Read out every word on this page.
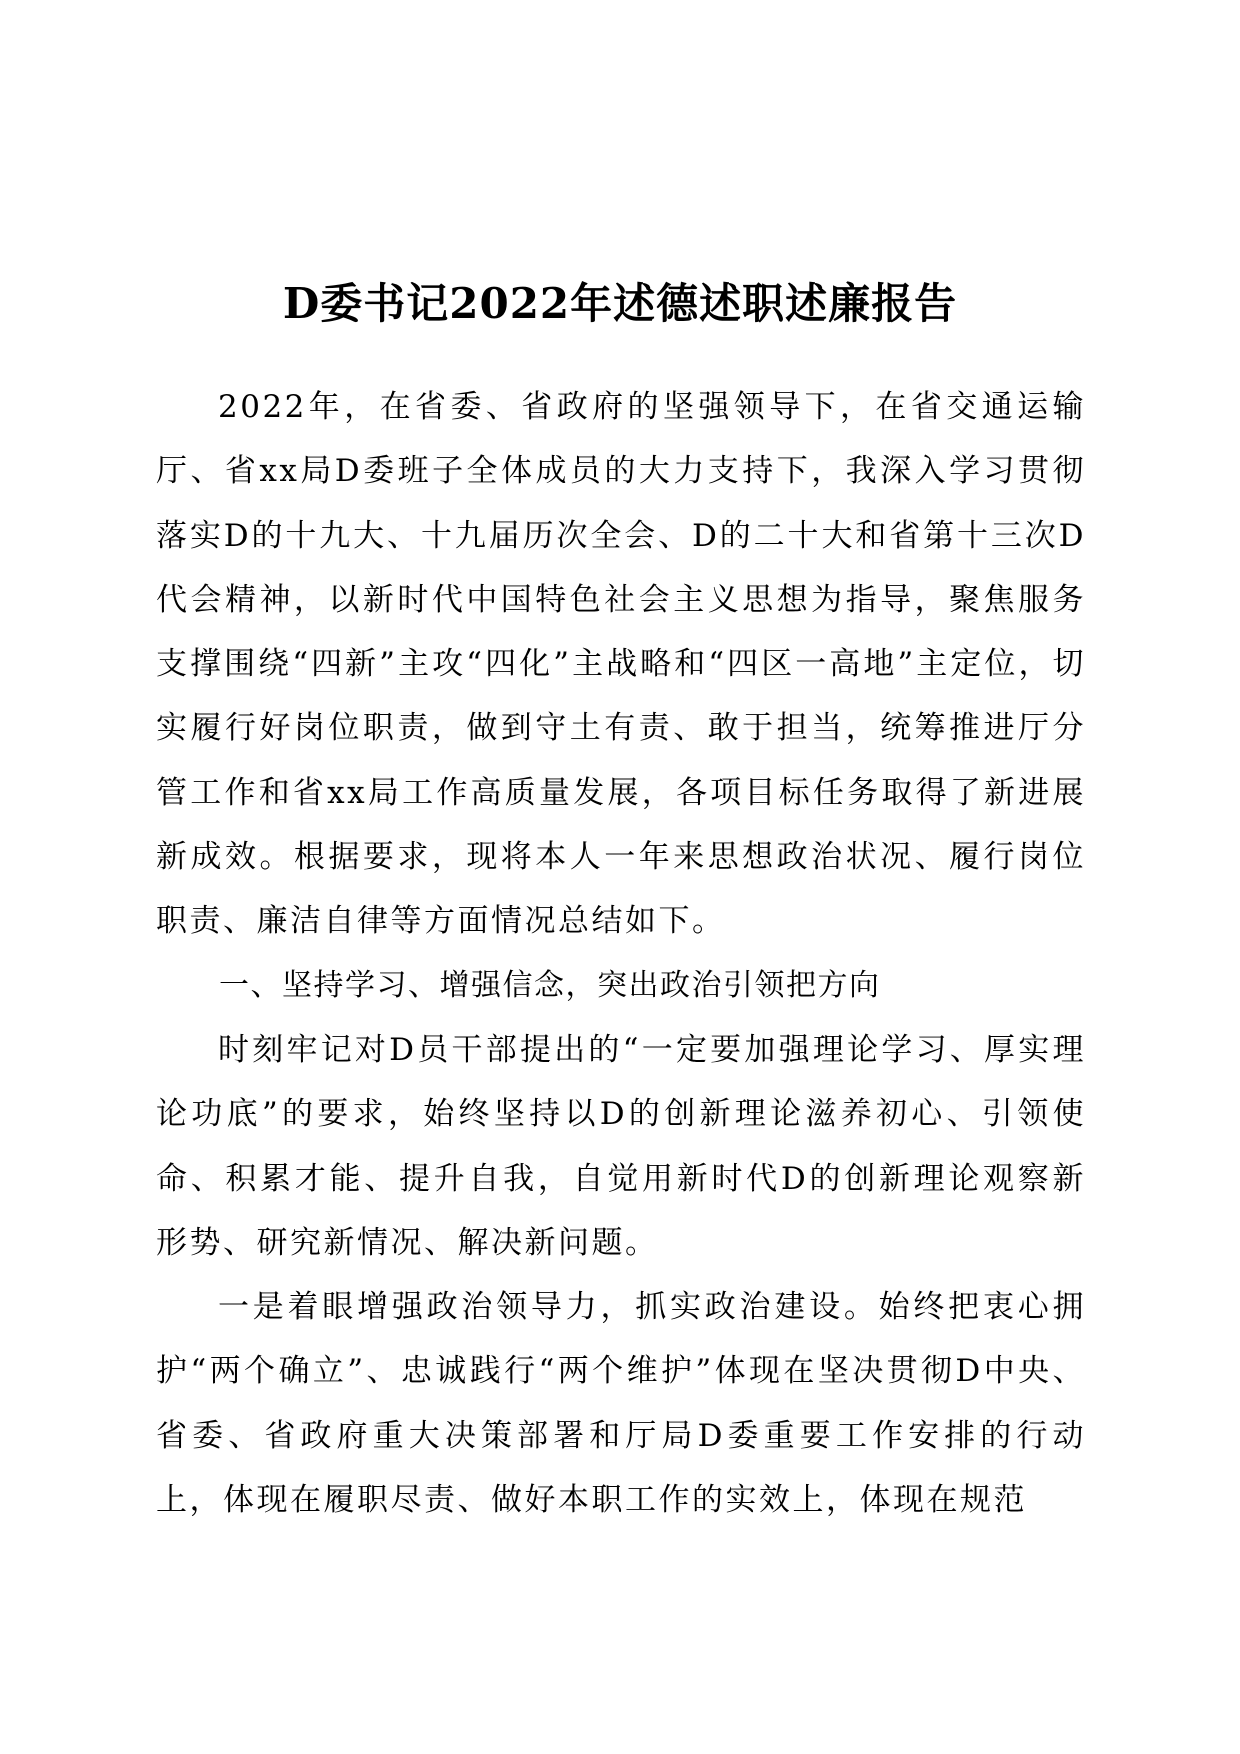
D委书记2022年述德述职述廉报告

2022年，在省委、省政府的坚强领导下，在省交通运输厅、省xx局D委班子全体成员的大力支持下，我深入学习贯彻落实D的十九大、十九届历次全会、D的二十大和省第十三次D代会精神，以新时代中国特色社会主义思想为指导，聚焦服务支撑围绕“四新”主攻“四化”主战略和“四区一高地”主定位，切实履行好岗位职责，做到守土有责、敢于担当，统筹推进厅分管工作和省xx局工作高质量发展，各项目标任务取得了新进展新成效。根据要求，现将本人一年来思想政治状况、履行岗位职责、廉洁自律等方面情况总结如下。

一、坚持学习、增强信念，突出政治引领把方向

时刻牢记对D员干部提出的“一定要加强理论学习、厚实理论功底”的要求，始终坚持以D的创新理论滋养初心、引领使命、积累才能、提升自我，自觉用新时代D的创新理论观察新形势、研究新情况、解决新问题。

一是着眼增强政治领导力，抓实政治建设。始终把衷心拥护“两个确立”、忠诚践行“两个维护”体现在坚决贯彻D中央、省委、省政府重大决策部署和厅局D委重要工作安排的行动上，体现在履职尽责、做好本职工作的实效上，体现在规范
